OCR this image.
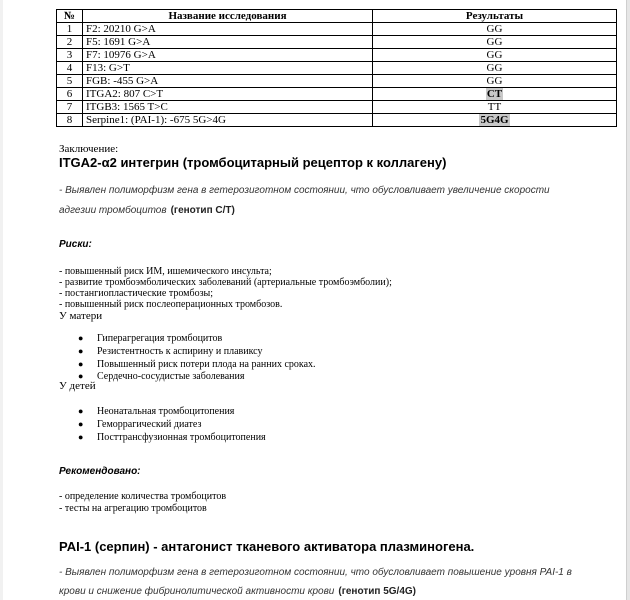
№	Название исследования	Результаты
1	F2: 20210 G>A	GG
2	F5: 1691 G>A	GG
3	F7: 10976 G>A	GG
4	F13: G>T	GG
5	FGB: -455 G>A	GG
6	ITGA2: 807 C>T	CT
7	ITGB3: 1565 T>C	TT
8	Serpine1: (PAI-1): -675 5G>4G	5G4G
Заключение:
ITGA2-α2 интегрин (тромбоцитарный рецептор к коллагену)
- Выявлен полиморфизм гена в гетерозиготном состоянии, что обусловливает увеличение скорости
адгезии тромбоцитов (генотип С/Т)
Риски:
- повышенный риск ИМ, ишемического инсульта;
- развитие тромбоэмболических заболеваний (артериальные тромбоэмболии);
- постангиопластические тромбозы;
- повышенный риск послеоперационных тромбозов.
У матери
● Гиперагрегация тромбоцитов
● Резистентность к аспирину и плавиксу
● Повышенный риск потери плода на ранних сроках.
● Сердечно-сосудистые заболевания
У детей
● Неонатальная тромбоцитопения
● Геморрагический диатез
● Посттрансфузионная тромбоцитопения
Рекомендовано:
- определение количества тромбоцитов
- тесты на агрегацию тромбоцитов
PAI-1 (серпин) - антагонист тканевого активатора плазминогена.
- Выявлен полиморфизм гена в гетерозиготном состоянии, что обусловливает повышение уровня PAI-1 в
крови и снижение фибринолитической активности крови (генотип 5G/4G)
